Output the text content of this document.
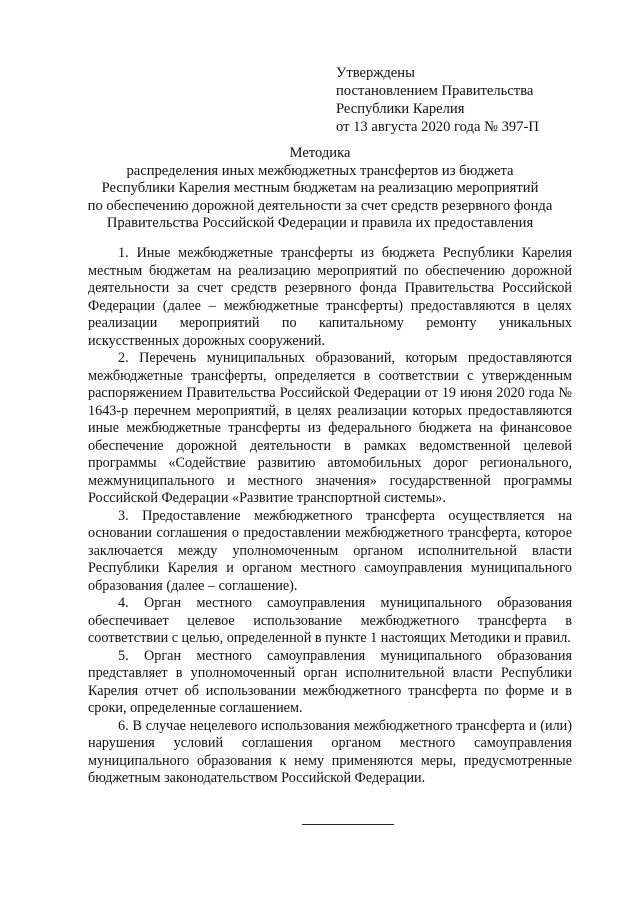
Утверждены
постановлением Правительства
Республики Карелия
от 13 августа 2020 года № 397-П
Методика
распределения иных межбюджетных трансфертов из бюджета
Республики Карелия местным бюджетам на реализацию мероприятий
по обеспечению дорожной деятельности за счет средств резервного фонда
Правительства Российской Федерации и правила их предоставления

1. Иные межбюджетные трансферты из бюджета Республики Карелия местным бюджетам на реализацию мероприятий по обеспечению дорожной деятельности за счет средств резервного фонда Правительства Российской Федерации (далее – межбюджетные трансферты) предоставляются в целях реализации мероприятий по капитальному ремонту уникальных искусственных дорожных сооружений.

2. Перечень муниципальных образований, которым предоставляются межбюджетные трансферты, определяется в соответствии с утвержденным распоряжением Правительства Российской Федерации от 19 июня 2020 года № 1643-р перечнем мероприятий, в целях реализации которых предоставляются иные межбюджетные трансферты из федерального бюджета на финансовое обеспечение дорожной деятельности в рамках ведомственной целевой программы «Содействие развитию автомобильных дорог регионального, межмуниципального и местного значения» государственной программы Российской Федерации «Развитие транспортной системы».

3. Предоставление межбюджетного трансферта осуществляется на основании соглашения о предоставлении межбюджетного трансферта, которое заключается между уполномоченным органом исполнительной власти Республики Карелия и органом местного самоуправления муниципального образования (далее – соглашение).

4. Орган местного самоуправления муниципального образования обеспечивает целевое использование межбюджетного трансферта в соответствии с целью, определенной в пункте 1 настоящих Методики и правил.

5. Орган местного самоуправления муниципального образования представляет в уполномоченный орган исполнительной власти Республики Карелия отчет об использовании межбюджетного трансферта по форме и в сроки, определенные соглашением.

6. В случае нецелевого использования межбюджетного трансферта и (или) нарушения условий соглашения органом местного самоуправления муниципального образования к нему применяются меры, предусмотренные бюджетным законодательством Российской Федерации.
